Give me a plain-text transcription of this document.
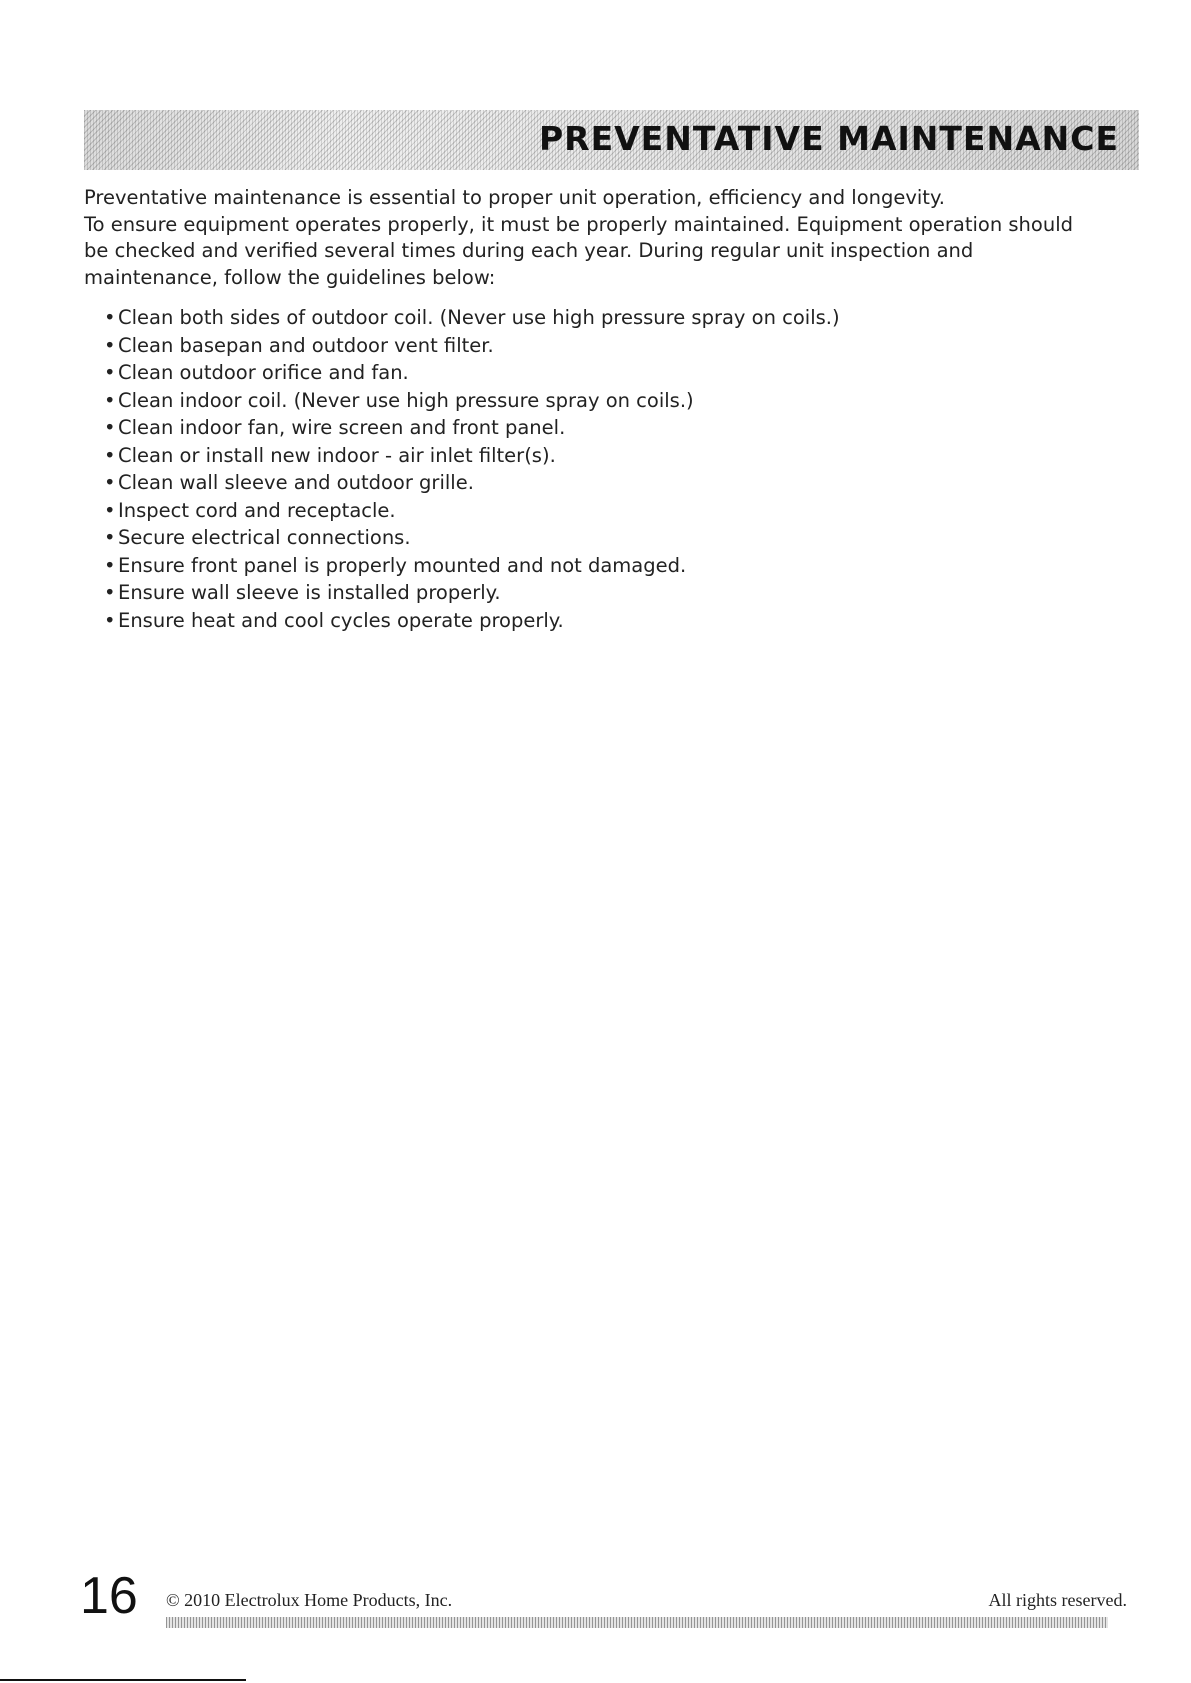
PREVENTATIVE MAINTENANCE

Preventative maintenance is essential to proper unit operation, efficiency and longevity.

To ensure equipment operates properly, it must be properly maintained. Equipment operation should be checked and verified several times during each year. During regular unit inspection and maintenance, follow the guidelines below:

• Clean both sides of outdoor coil. (Never use high pressure spray on coils.)
• Clean basepan and outdoor vent filter.
• Clean outdoor orifice and fan.
• Clean indoor coil. (Never use high pressure spray on coils.)
• Clean indoor fan, wire screen and front panel.
• Clean or install new indoor - air inlet filter(s).
• Clean wall sleeve and outdoor grille.
• Inspect cord and receptacle.
• Secure electrical connections.
• Ensure front panel is properly mounted and not damaged.
• Ensure wall sleeve is installed properly.
• Ensure heat and cool cycles operate properly.
16 © 2010 Electrolux Home Products, Inc.	All rights reserved.
